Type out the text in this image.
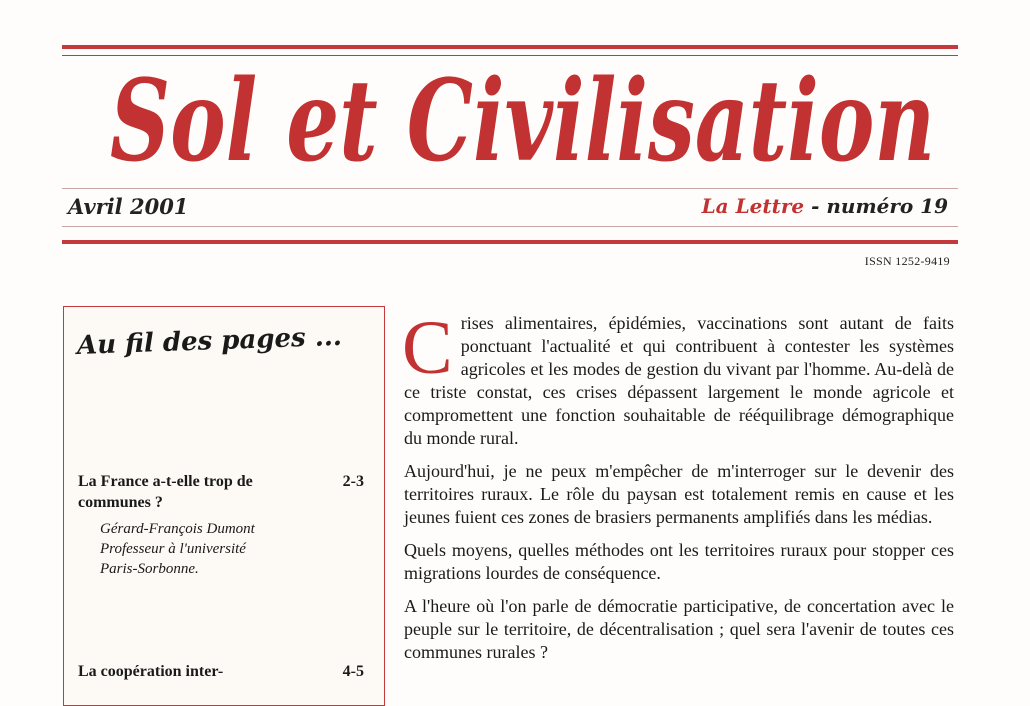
Sol et Civilisation
Avril 2001	La Lettre - numéro 19
ISSN 1252-9419
Au fil des pages ...
La France a-t-elle trop de communes ?
2-3
Gérard-François Dumont
Professeur à l'université
Paris-Sorbonne.
La coopération inter-	4-5

Crises alimentaires, épidémies, vaccinations sont autant de faits ponctuant l'actualité et qui contribuent à contester les systèmes agricoles et les modes de gestion du vivant par l'homme. Au-delà de ce triste constat, ces crises dépassent largement le monde agricole et compromettent une fonction souhaitable de rééquilibrage démographique du monde rural.

Aujourd'hui, je ne peux m'empêcher de m'interroger sur le devenir des territoires ruraux. Le rôle du paysan est totalement remis en cause et les jeunes fuient ces zones de brasiers permanents amplifiés dans les médias.

Quels moyens, quelles méthodes ont les territoires ruraux pour stopper ces migrations lourdes de conséquence.

A l'heure où l'on parle de démocratie participative, de concertation avec le peuple sur le territoire, de décentralisation ; quel sera l'avenir de toutes ces communes rurales ?
